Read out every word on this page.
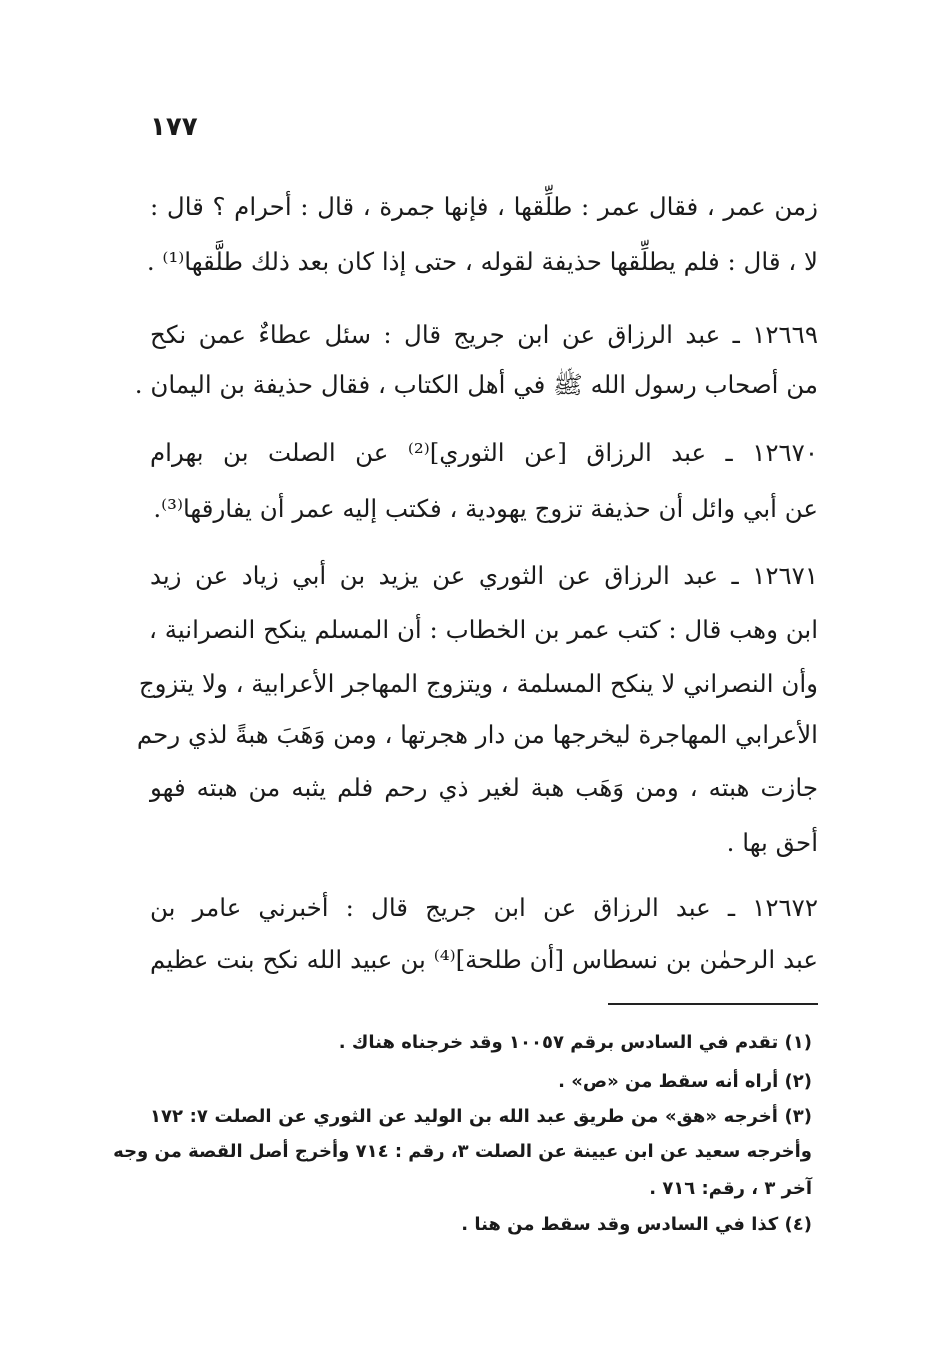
١٧٧
زمن عمر ، فقال عمر : طلِّقها ، فإنها جمرة ، قال : أحرام ؟ قال :
لا ، قال : فلم يطلِّقها حذيفة لقوله ، حتى إذا كان بعد ذلك طلَّقها⁽¹⁾ .
١٢٦٦٩ ـ عبد الرزاق عن ابن جريج قال : سئل عطاءٌ عمن نكح
من أصحاب رسول الله ﷺ في أهل الكتاب ، فقال حذيفة بن اليمان .
١٢٦٧٠ ـ عبد الرزاق [عن الثوري]⁽²⁾ عن الصلت بن بهرام
عن أبي وائل أن حذيفة تزوج يهودية ، فكتب إليه عمر أن يفارقها⁽³⁾.
١٢٦٧١ ـ عبد الرزاق عن الثوري عن يزيد بن أبي زياد عن زيد
ابن وهب قال : كتب عمر بن الخطاب : أن المسلم ينكح النصرانية ،
وأن النصراني لا ينكح المسلمة ، ويتزوج المهاجر الأعرابية ، ولا يتزوج
الأعرابي المهاجرة ليخرجها من دار هجرتها ، ومن وَهَبَ هبةً لذي رحم
جازت هبته ، ومن وَهَب هبة لغير ذي رحم فلم يثبه من هبته فهو
أحق بها .
١٢٦٧٢ ـ عبد الرزاق عن ابن جريج قال : أخبرني عامر بن
عبد الرحمٰن بن نسطاس [أن طلحة]⁽⁴⁾ بن عبيد الله نكح بنت عظيم
(١) تقدم في السادس برقم ١٠٠٥٧ وقد خرجناه هناك .
(٢) أراه أنه سقط من «ص» .
(٣) أخرجه «هق» من طريق عبد الله بن الوليد عن الثوري عن الصلت ٧: ١٧٢
وأخرجه سعيد عن ابن عيينة عن الصلت ٣، رقم : ٧١٤ وأخرج أصل القصة من وجه
آخر ٣ ، رقم: ٧١٦ .
(٤) كذا في السادس وقد سقط من هنا .
